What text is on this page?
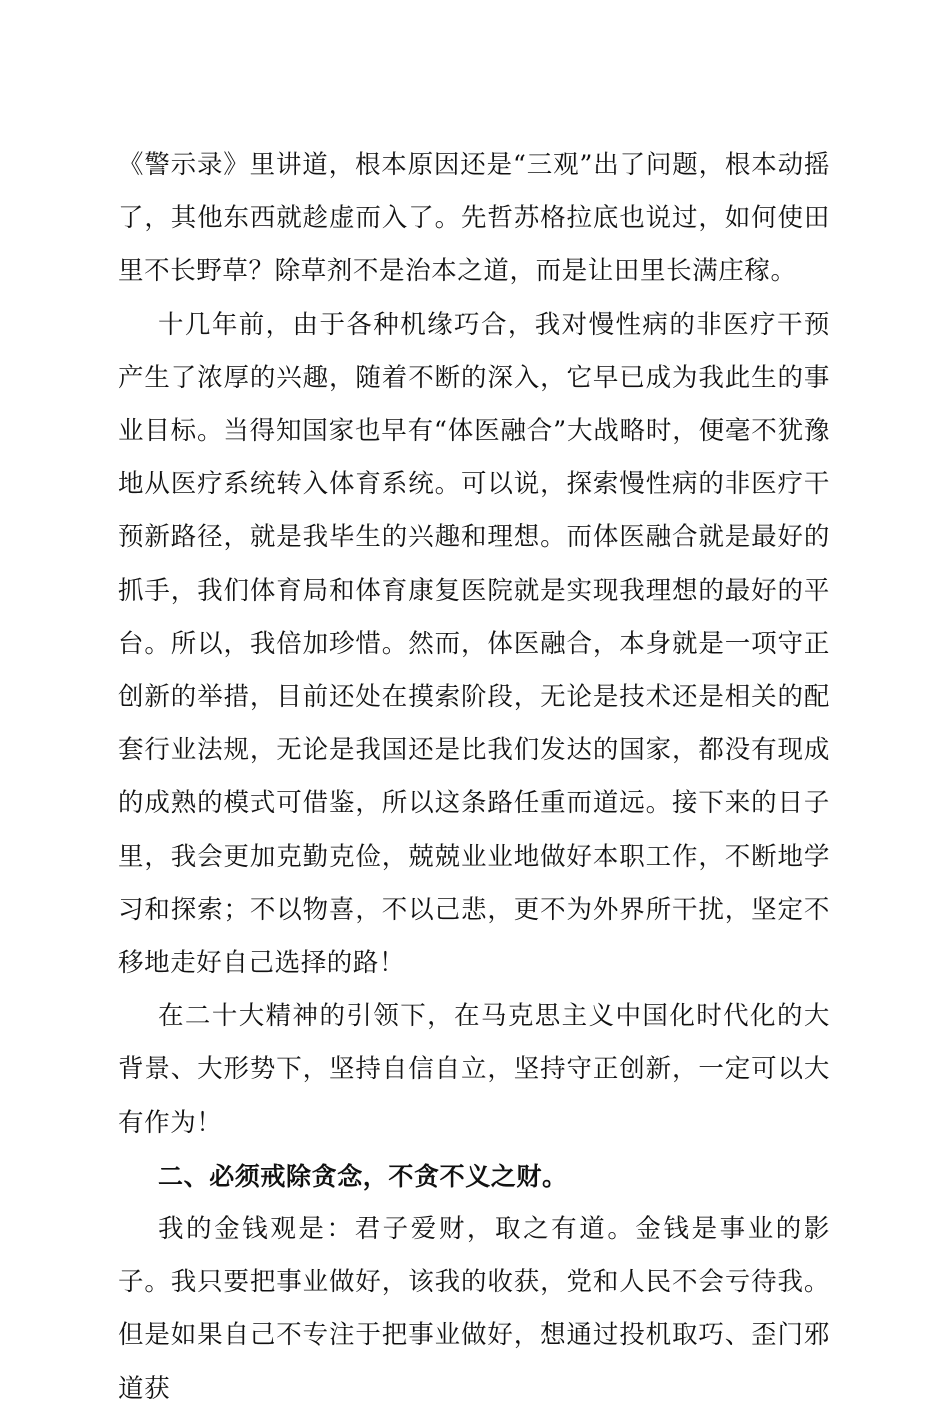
《警示录》里讲道，根本原因还是“三观”出了问题，根本动摇了，其他东西就趁虚而入了。先哲苏格拉底也说过，如何使田里不长野草？除草剂不是治本之道，而是让田里长满庄稼。

十几年前，由于各种机缘巧合，我对慢性病的非医疗干预产生了浓厚的兴趣，随着不断的深入，它早已成为我此生的事业目标。当得知国家也早有“体医融合”大战略时，便毫不犹豫地从医疗系统转入体育系统。可以说，探索慢性病的非医疗干预新路径，就是我毕生的兴趣和理想。而体医融合就是最好的抓手，我们体育局和体育康复医院就是实现我理想的最好的平台。所以，我倍加珍惜。然而，体医融合，本身就是一项守正创新的举措，目前还处在摸索阶段，无论是技术还是相关的配套行业法规，无论是我国还是比我们发达的国家，都没有现成的成熟的模式可借鉴，所以这条路任重而道远。接下来的日子里，我会更加克勤克俭，兢兢业业地做好本职工作，不断地学习和探索；不以物喜，不以己悲，更不为外界所干扰，坚定不移地走好自己选择的路！

在二十大精神的引领下，在马克思主义中国化时代化的大背景、大形势下，坚持自信自立，坚持守正创新，一定可以大有作为！

二、必须戒除贪念，不贪不义之财。

我的金钱观是：君子爱财，取之有道。金钱是事业的影子。我只要把事业做好，该我的收获，党和人民不会亏待我。但是如果自己不专注于把事业做好，想通过投机取巧、歪门邪道获
